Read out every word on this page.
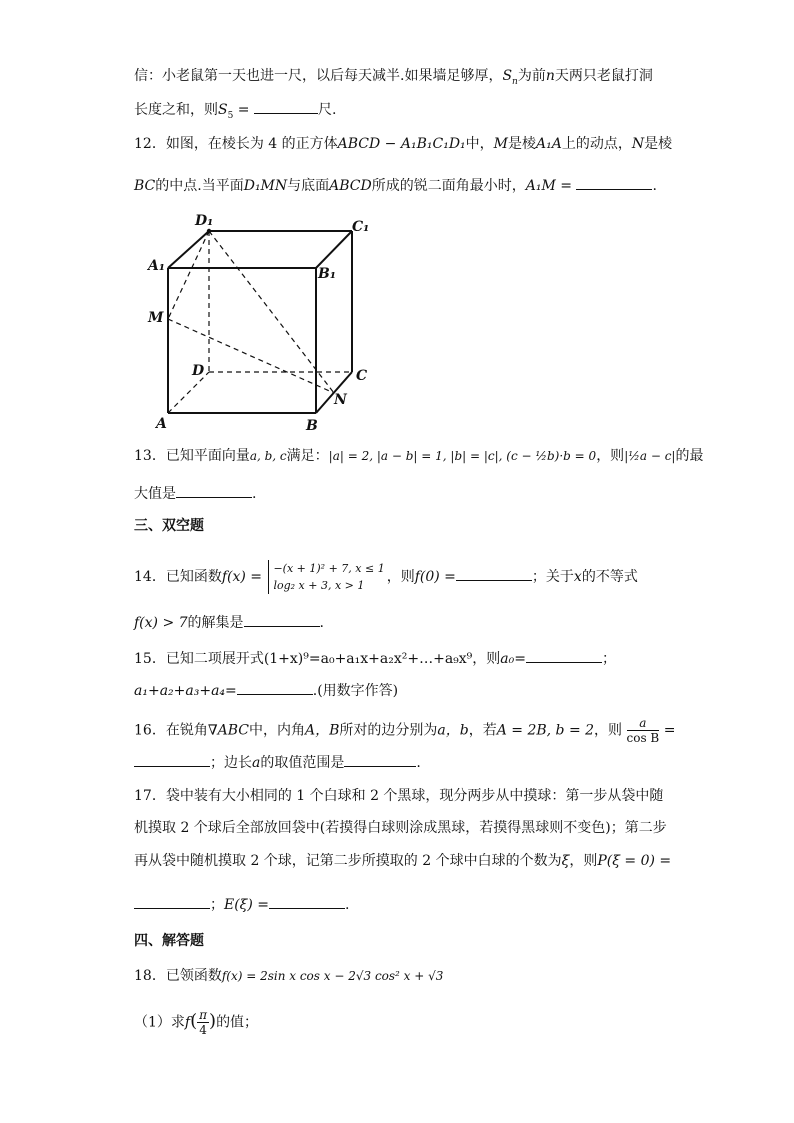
信：小老鼠第一天也进一尺，以后每天减半.如果墙足够厚，$S_n$为前n天两只老鼠打洞
长度之和，则$S_5$ =	尺.
12．如图，在棱长为 4 的正方体ABCD − A₁B₁C₁D₁中，M是棱A₁A上的动点，N是棱
BC的中点.当平面D₁MN与底面ABCD所成的锐二面角最小时，A₁M =	.
D₁	C₁
A₁	B₁
M
D	C
A
N
B
13．已知平面向量a, b, c满足：|a| = 2, |a − b| = 1, |b| = |c|, (c − ½b)·b = 0，则|½a − c|的最
大值是	.
三、双空题
14．已知函数f(x) =
−(x + 1)² + 7, x ≤ 1
log₂ x + 3, x > 1
，则f(0) =	；关于x的不等式
f(x) > 7的解集是	.
15．已知二项展开式(1+x)⁹=a₀+a₁x+a₂x²+…+a₉x⁹，则a₀=	；
a₁+a₂+a₃+a₄=	.(用数字作答)
16．在锐角∇ABC中，内角A，B所对的边分别为a，b，若A = 2B, b = 2，则 $\frac{a}{\text{cos B}}$ =
；边长a的取值范围是	.
17．袋中装有大小相同的 1 个白球和 2 个黑球，现分两步从中摸球：第一步从袋中随
机摸取 2 个球后全部放回袋中(若摸得白球则涂成黑球，若摸得黑球则不变色)；第二步
再从袋中随机摸取 2 个球，记第二步所摸取的 2 个球中白球的个数为ξ，则P(ξ = 0) =
；E(ξ) =	.
四、解答题
18．已领函数f(x) = 2sin x cos x − 2√3 cos² x + √3
（1）求$f( \frac{\pi}{4}$ )的值；
